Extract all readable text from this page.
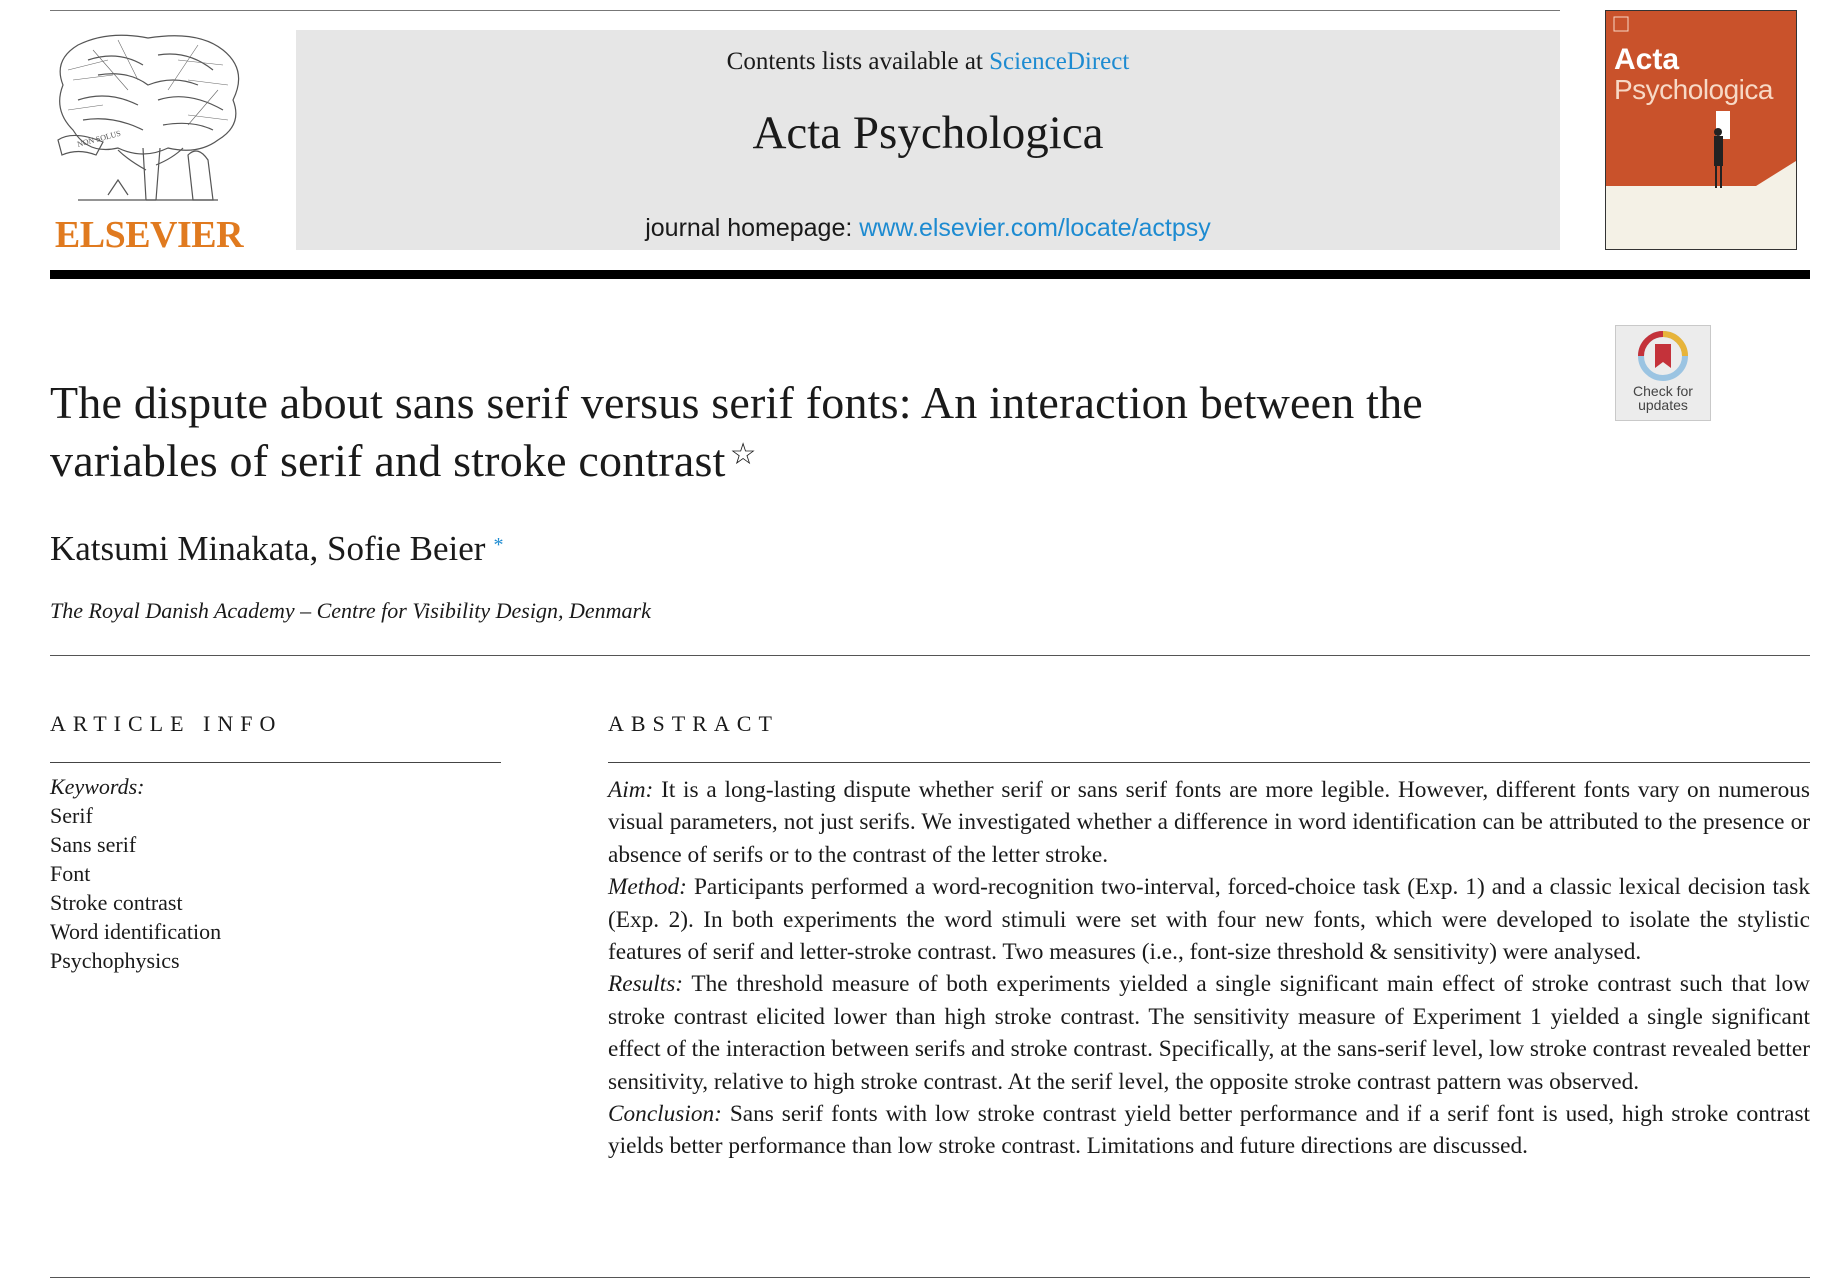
NON SOLUS
ELSEVIER
Contents lists available at ScienceDirect
Acta Psychologica
journal homepage: www.elsevier.com/locate/actpsy
Acta
Psychologica
Check for
updates
The dispute about sans serif versus serif fonts: An interaction between the variables of serif and stroke contrast ☆
Katsumi Minakata, Sofie Beier *
The Royal Danish Academy – Centre for Visibility Design, Denmark
ARTICLE INFO
Keywords:
Serif
Sans serif
Font
Stroke contrast
Word identification
Psychophysics
ABSTRACT

Aim: It is a long-lasting dispute whether serif or sans serif fonts are more legible. However, different fonts vary on numerous visual parameters, not just serifs. We investigated whether a difference in word identification can be attributed to the presence or absence of serifs or to the contrast of the letter stroke.

Method: Participants performed a word-recognition two-interval, forced-choice task (Exp. 1) and a classic lexical decision task (Exp. 2). In both experiments the word stimuli were set with four new fonts, which were developed to isolate the stylistic features of serif and letter-stroke contrast. Two measures (i.e., font-size threshold & sensitivity) were analysed.

Results: The threshold measure of both experiments yielded a single significant main effect of stroke contrast such that low stroke contrast elicited lower than high stroke contrast. The sensitivity measure of Experiment 1 yielded a single significant effect of the interaction between serifs and stroke contrast. Specifically, at the sans-serif level, low stroke contrast revealed better sensitivity, relative to high stroke contrast. At the serif level, the opposite stroke contrast pattern was observed.

Conclusion: Sans serif fonts with low stroke contrast yield better performance and if a serif font is used, high stroke contrast yields better performance than low stroke contrast. Limitations and future directions are discussed.
